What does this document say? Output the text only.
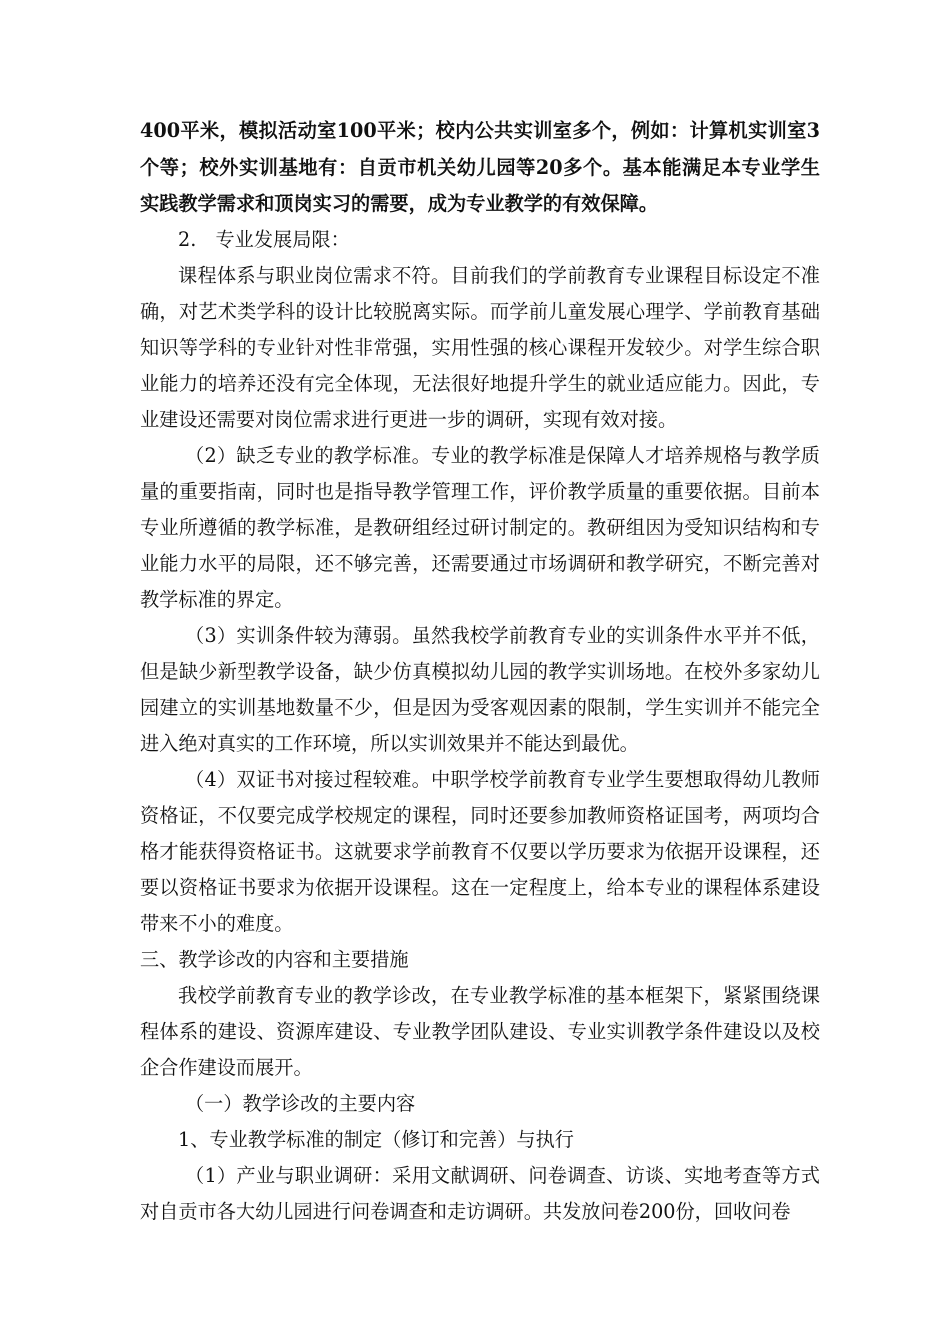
400平米，模拟活动室100平米；校内公共实训室多个，例如：计算机实训室3
个等；校外实训基地有：自贡市机关幼儿园等20多个。基本能满足本专业学生
实践教学需求和顶岗实习的需要，成为专业教学的有效保障。
2.　专业发展局限：
课程体系与职业岗位需求不符。目前我们的学前教育专业课程目标设定不准
确，对艺术类学科的设计比较脱离实际。而学前儿童发展心理学、学前教育基础
知识等学科的专业针对性非常强，实用性强的核心课程开发较少。对学生综合职
业能力的培养还没有完全体现，无法很好地提升学生的就业适应能力。因此，专
业建设还需要对岗位需求进行更进一步的调研，实现有效对接。
（2）缺乏专业的教学标准。专业的教学标准是保障人才培养规格与教学质
量的重要指南，同时也是指导教学管理工作，评价教学质量的重要依据。目前本
专业所遵循的教学标准，是教研组经过研讨制定的。教研组因为受知识结构和专
业能力水平的局限，还不够完善，还需要通过市场调研和教学研究，不断完善对
教学标准的界定。
（3）实训条件较为薄弱。虽然我校学前教育专业的实训条件水平并不低，
但是缺少新型教学设备，缺少仿真模拟幼儿园的教学实训场地。在校外多家幼儿
园建立的实训基地数量不少，但是因为受客观因素的限制，学生实训并不能完全
进入绝对真实的工作环境，所以实训效果并不能达到最优。
（4）双证书对接过程较难。中职学校学前教育专业学生要想取得幼儿教师
资格证，不仅要完成学校规定的课程，同时还要参加教师资格证国考，两项均合
格才能获得资格证书。这就要求学前教育不仅要以学历要求为依据开设课程，还
要以资格证书要求为依据开设课程。这在一定程度上，给本专业的课程体系建设
带来不小的难度。
三、教学诊改的内容和主要措施
我校学前教育专业的教学诊改，在专业教学标准的基本框架下，紧紧围绕课
程体系的建设、资源库建设、专业教学团队建设、专业实训教学条件建设以及校
企合作建设而展开。
（一）教学诊改的主要内容
1、专业教学标准的制定（修订和完善）与执行
（1）产业与职业调研：采用文献调研、问卷调查、访谈、实地考查等方式
对自贡市各大幼儿园进行问卷调查和走访调研。共发放问卷200份，回收问卷
